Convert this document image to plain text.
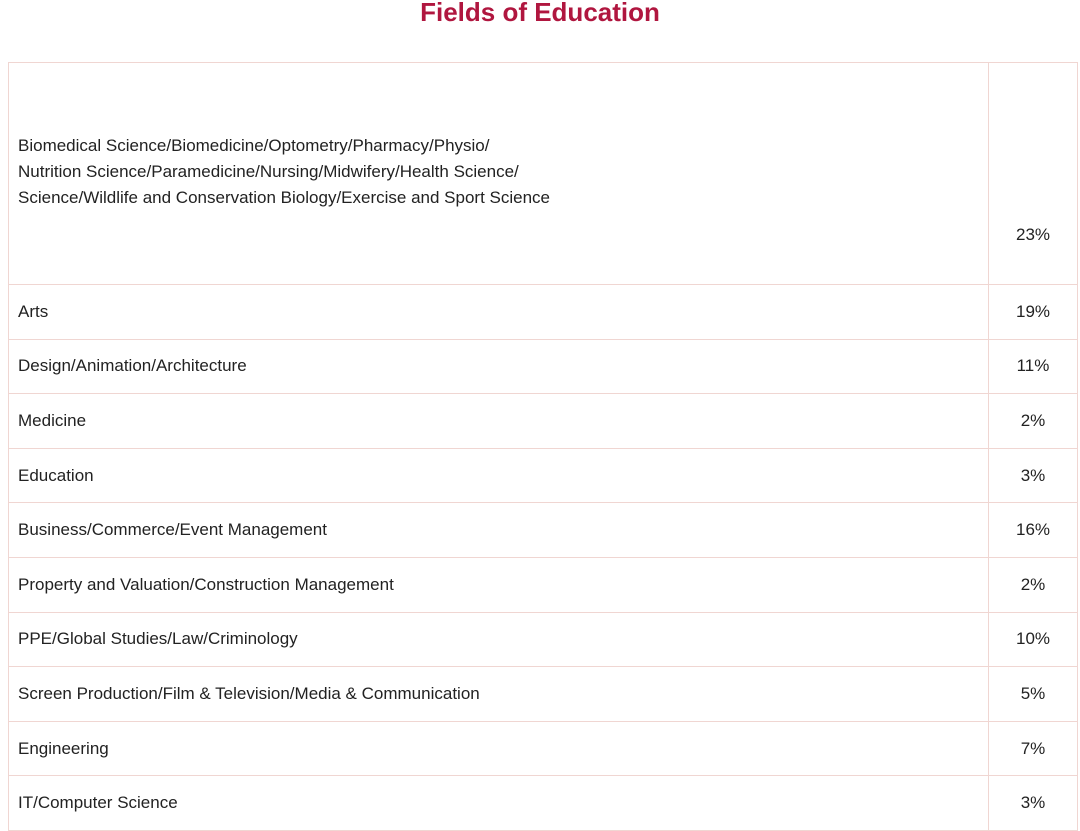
Fields of Education
Biomedical Science/Biomedicine/Optometry/Pharmacy/Physio/
Nutrition Science/Paramedicine/Nursing/Midwifery/Health Science/
Science/Wildlife and Conservation Biology/Exercise and Sport Science	23%
Arts	19%
Design/Animation/Architecture	11%
Medicine	2%
Education	3%
Business/Commerce/Event Management	16%
Property and Valuation/Construction Management	2%
PPE/Global Studies/Law/Criminology	10%
Screen Production/Film & Television/Media & Communication	5%
Engineering	7%
IT/Computer Science	3%
